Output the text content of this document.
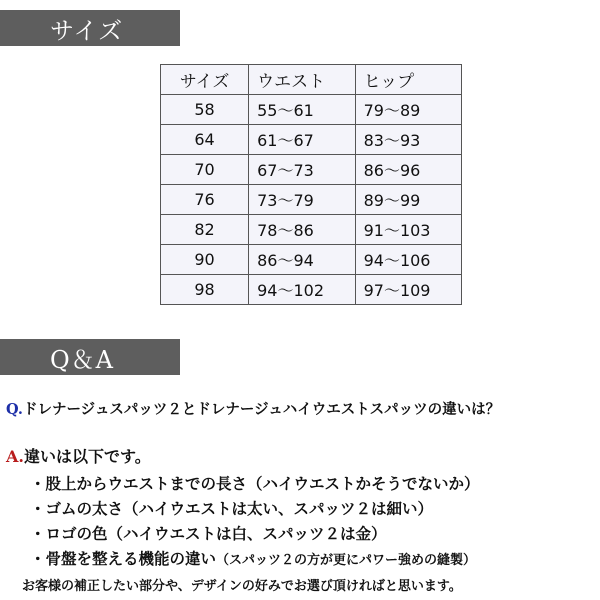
サイズ
サイズ	ウエスト	ヒップ
58	55〜61	79〜89
64	61〜67	83〜93
70	67〜73	86〜96
76	73〜79	89〜99
82	78〜86	91〜103
90	86〜94	94〜106
98	94〜102	97〜109
Q＆A
Q.ドレナージュスパッツ２とドレナージュハイウエストスパッツの違いは？
A.違いは以下です。
・股上からウエストまでの長さ（ハイウエストかそうでないか）
・ゴムの太さ（ハイウエストは太い、スパッツ２は細い）
・ロゴの色（ハイウエストは白、スパッツ２は金）
・骨盤を整える機能の違い（スパッツ２の方が更にパワー強めの縫製）
お客様の補正したい部分や、デザインの好みでお選び頂ければと思います。
